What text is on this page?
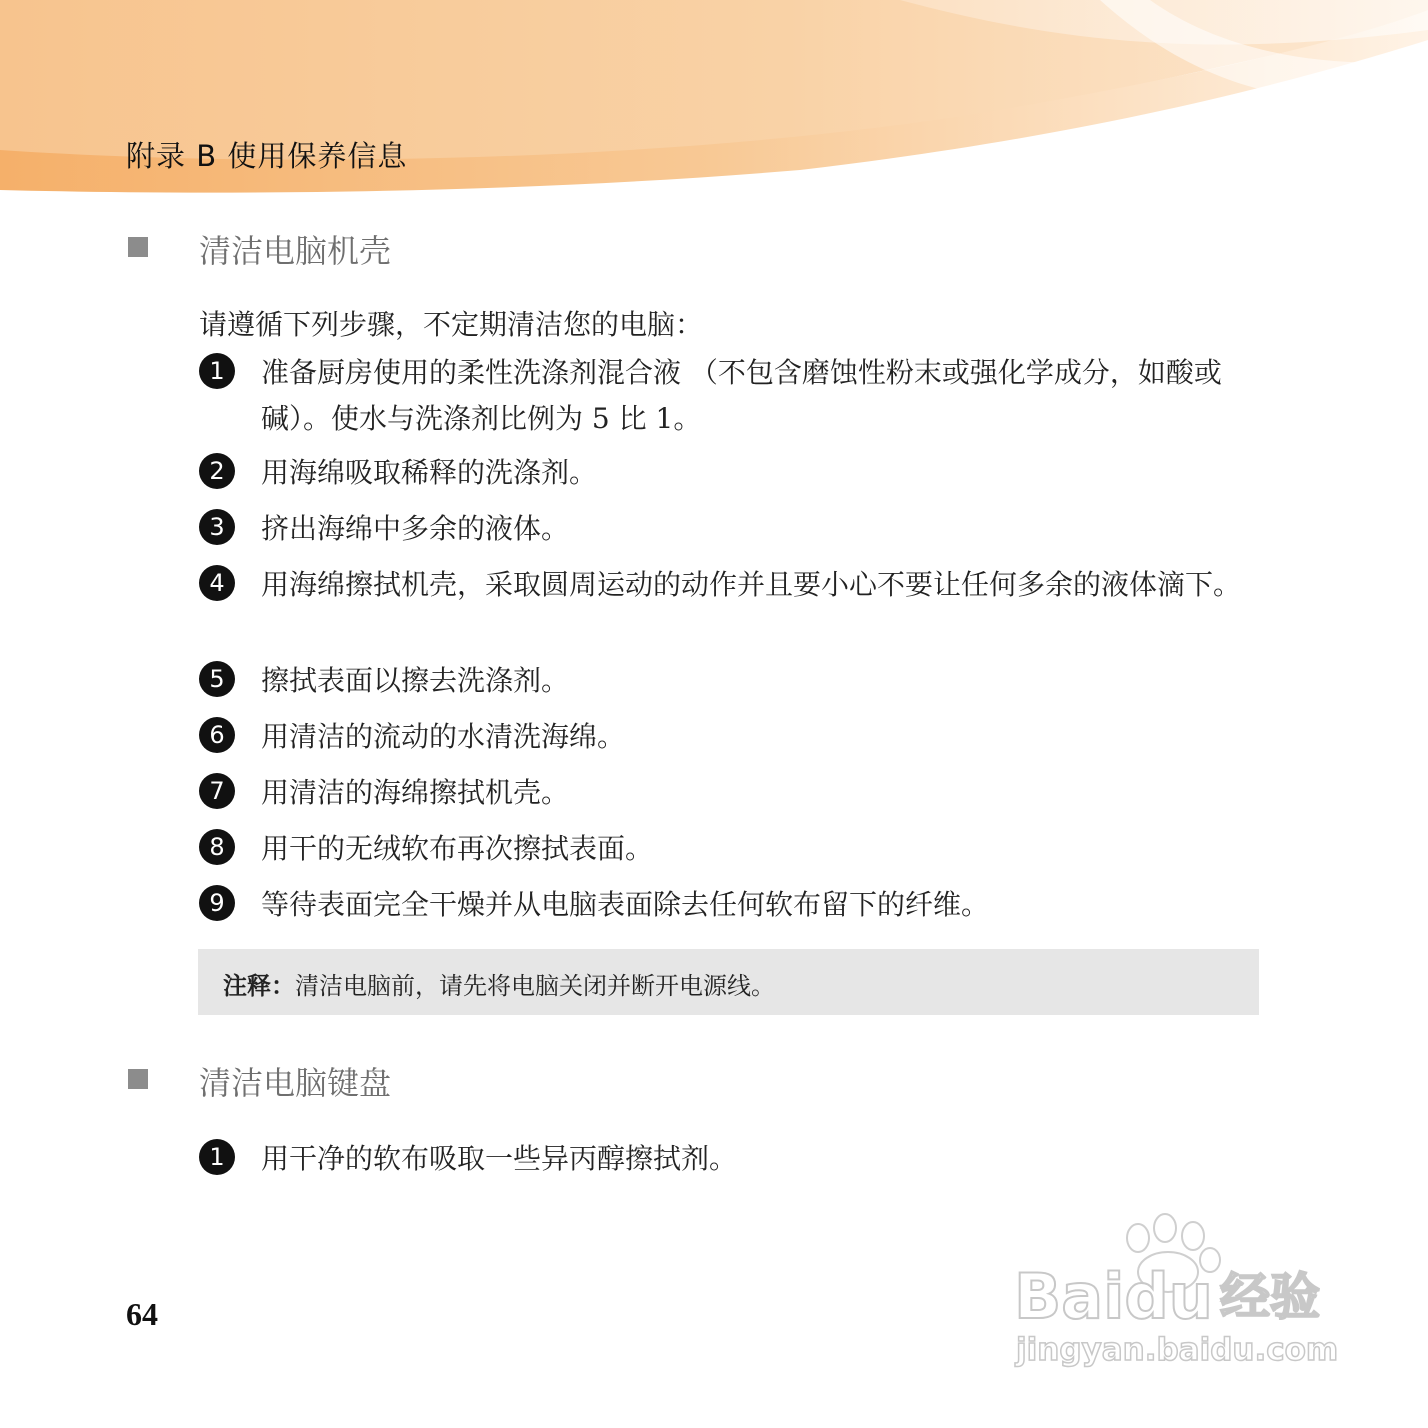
附录 B 使用保养信息
清洁电脑机壳
请遵循下列步骤，不定期清洁您的电脑：
1	准备厨房使用的柔性洗涤剂混合液 （不包含磨蚀性粉末或强化学成分，如酸或碱）。使水与洗涤剂比例为 5 比 1。
2	用海绵吸取稀释的洗涤剂。
3	挤出海绵中多余的液体。
4	用海绵擦拭机壳，采取圆周运动的动作并且要小心不要让任何多余的液体滴下。
5	擦拭表面以擦去洗涤剂。
6	用清洁的流动的水清洗海绵。
7	用清洁的海绵擦拭机壳。
8	用干的无绒软布再次擦拭表面。
9	等待表面完全干燥并从电脑表面除去任何软布留下的纤维。
注释：清洁电脑前，请先将电脑关闭并断开电源线。
清洁电脑键盘
1	用干净的软布吸取一些异丙醇擦拭剂。
64	Baidu 经验
jingyan.baidu.com
